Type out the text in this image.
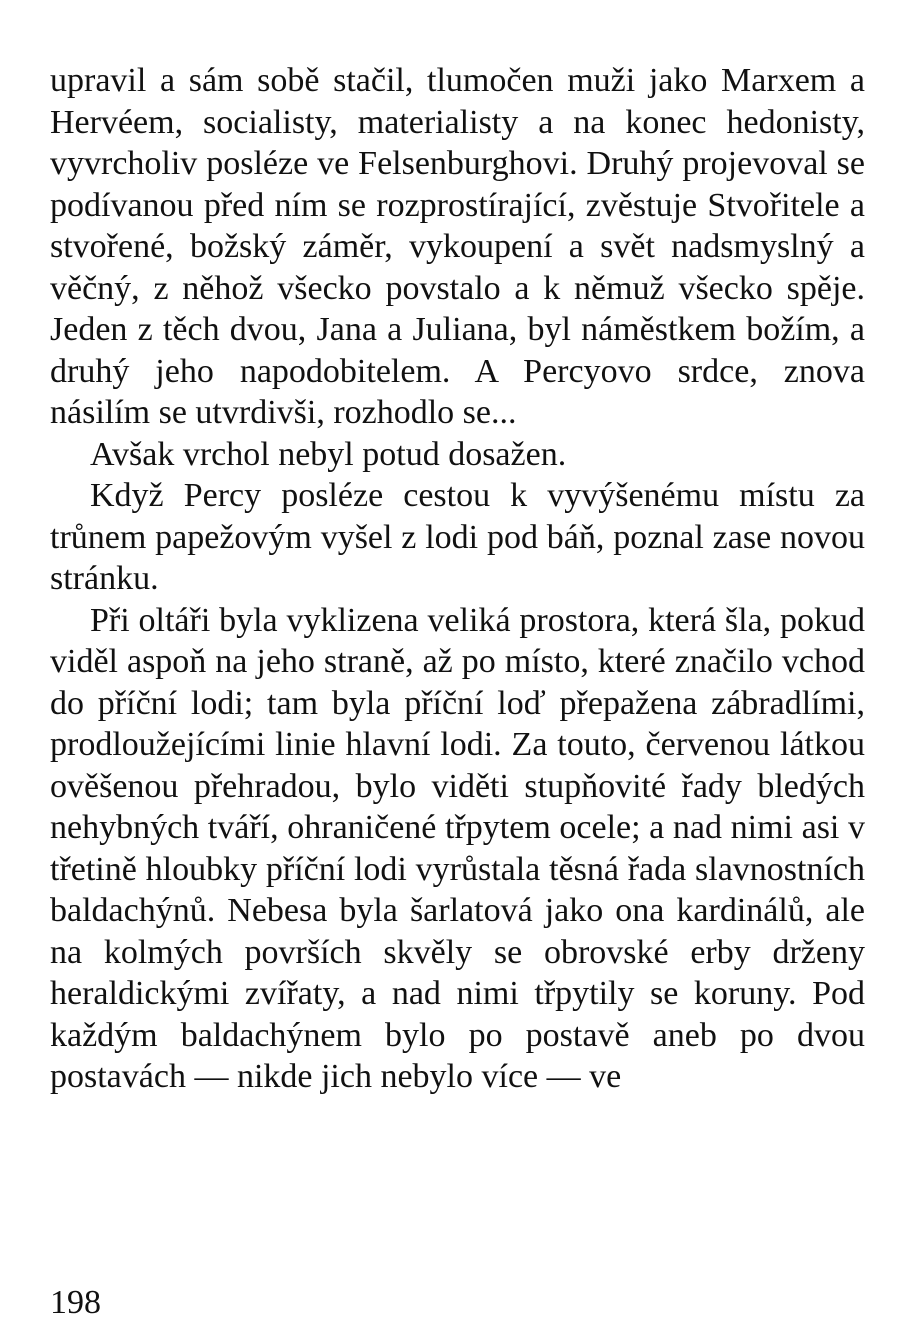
upravil a sám sobě stačil, tlumočen muži jako Marxem a Hervéem, socialisty, materialisty a na konec hedonisty, vyvrcholiv posléze ve Felsenburghovi. Druhý projevoval se podívanou před ním se rozprostírající, zvěstuje Stvořitele a stvořené, božský záměr, vykoupení a svět nadsmyslný a věčný, z něhož všecko povstalo a k němuž všecko spěje. Jeden z těch dvou, Jana a Juliana, byl náměstkem božím, a druhý jeho napodobitelem. A Percyovo srdce, znova násilím se utvrdivši, rozhodlo se...

Avšak vrchol nebyl potud dosažen.

Když Percy posléze cestou k vyvýšenému místu za trůnem papežovým vyšel z lodi pod báň, poznal zase novou stránku.

Při oltáři byla vyklizena veliká prostora, která šla, pokud viděl aspoň na jeho straně, až po místo, které značilo vchod do příční lodi; tam byla příční loď přepažena zábradlími, prodloužejícími linie hlavní lodi. Za touto, červenou látkou ověšenou přehradou, bylo viděti stupňovité řady bledých nehybných tváří, ohraničené třpytem ocele; a nad nimi asi v třetině hloubky příční lodi vyrůstala těsná řada slavnostních baldachýnů. Nebesa byla šarlatová jako ona kardinálů, ale na kolmých površích skvěly se obrovské erby drženy heraldickými zvířaty, a nad nimi třpytily se koruny. Pod každým baldachýnem bylo po postavě aneb po dvou postavách — nikde jich nebylo více — ve

198
